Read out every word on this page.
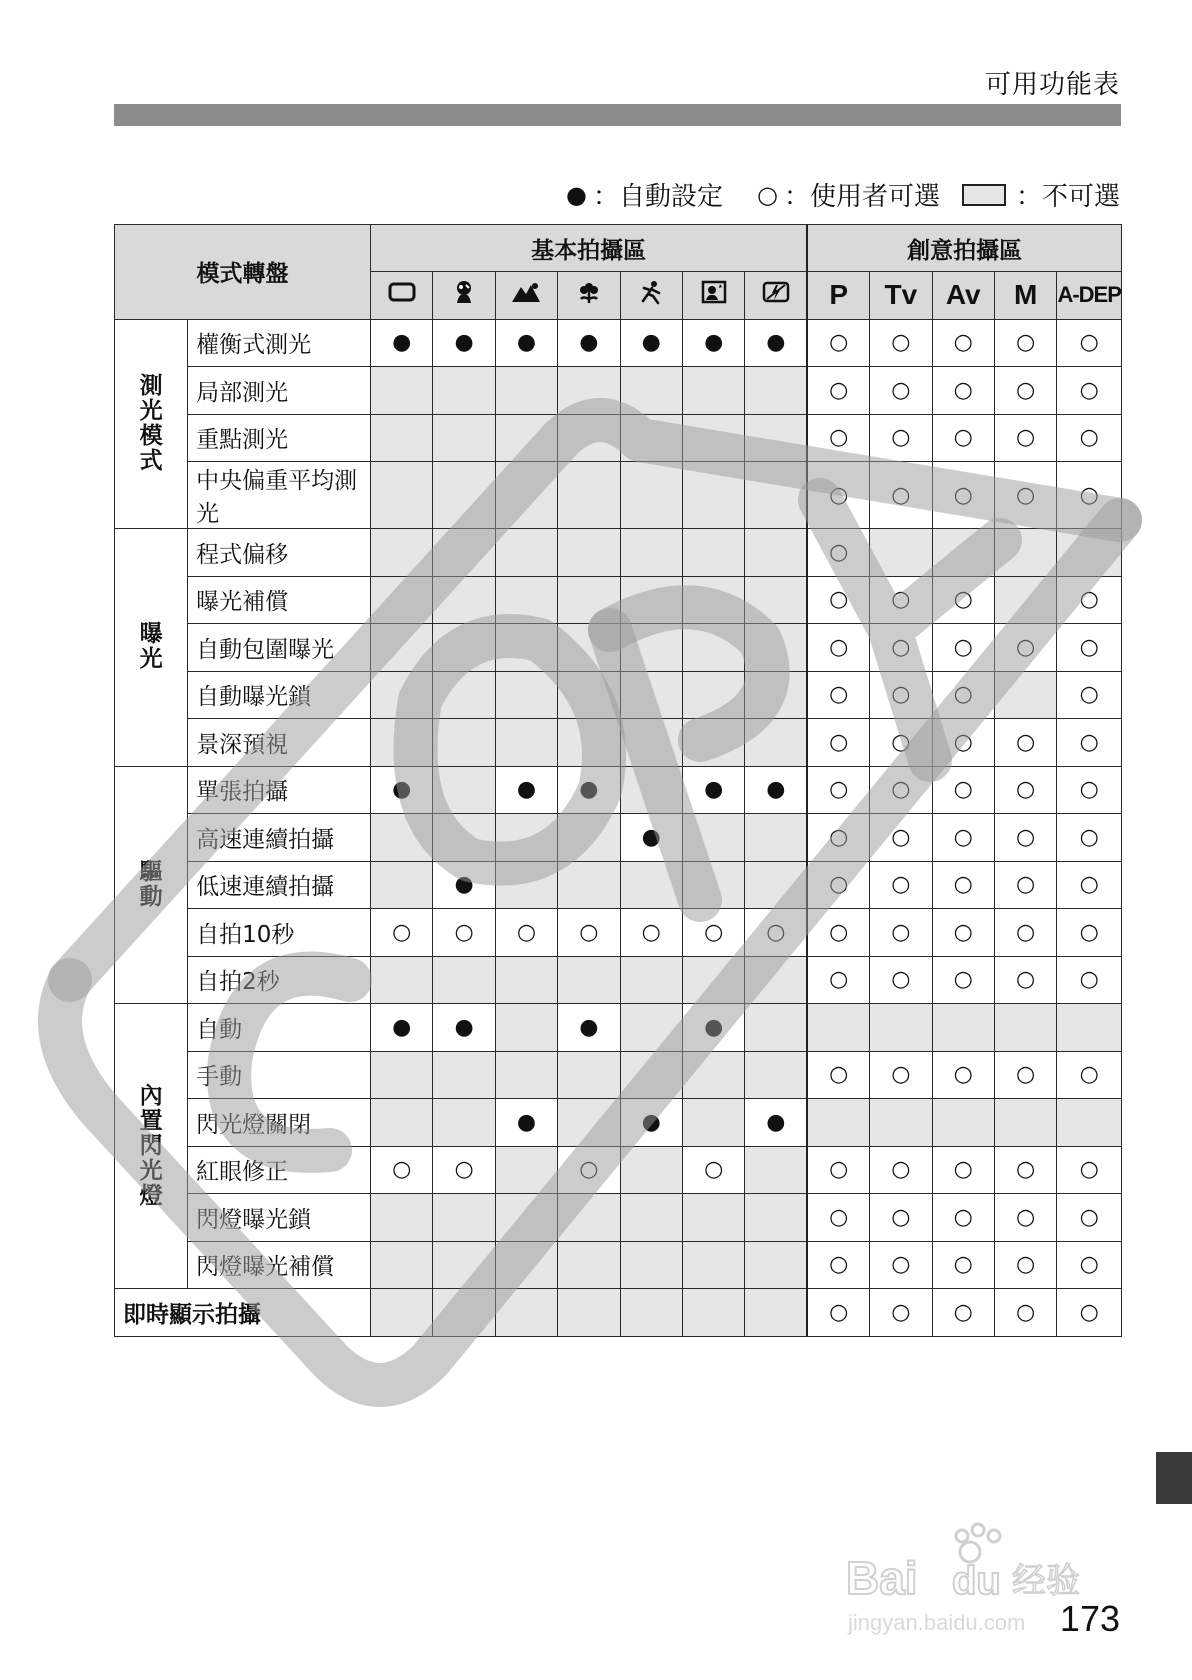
可用功能表
● ：自動設定 ○ ：使用者可選	：不可選
模式轉盤		基本拍攝區							創意拍攝區				
							P	Tv	Av	M	A-DEP

測
光
模
式	權衡式測光	●	●	●	●	●	●	●	○	○	○	○	○
	局部測光								○	○	○	○	○
	重點測光								○	○	○	○	○
	中央偏重平均測光								○	○	○	○	○

曝
光	程式偏移								○				
	曝光補償								○	○	○		○
	自動包圍曝光								○	○	○	○	○
	自動曝光鎖								○	○	○		○
	景深預視								○	○	○	○	○

驅
動	單張拍攝	●		●	●		●	●	○	○	○	○	○
	高速連續拍攝					●			○	○	○	○	○
	低速連續拍攝		●						○	○	○	○	○
	自拍10秒	○	○	○	○	○	○	○	○	○	○	○	○
	自拍2秒								○	○	○	○	○

內
置
閃
光
燈	自動	●	●		●		●						
	手動								○	○	○	○	○
	閃光燈關閉			●		●		●					
	紅眼修正	○	○		○		○		○	○	○	○	○
	閃燈曝光鎖								○	○	○	○	○
	閃燈曝光補償								○	○	○	○	○
即時顯示拍攝									○	○	○	○	○
173
Bai du 经验
jingyan.baidu.com
